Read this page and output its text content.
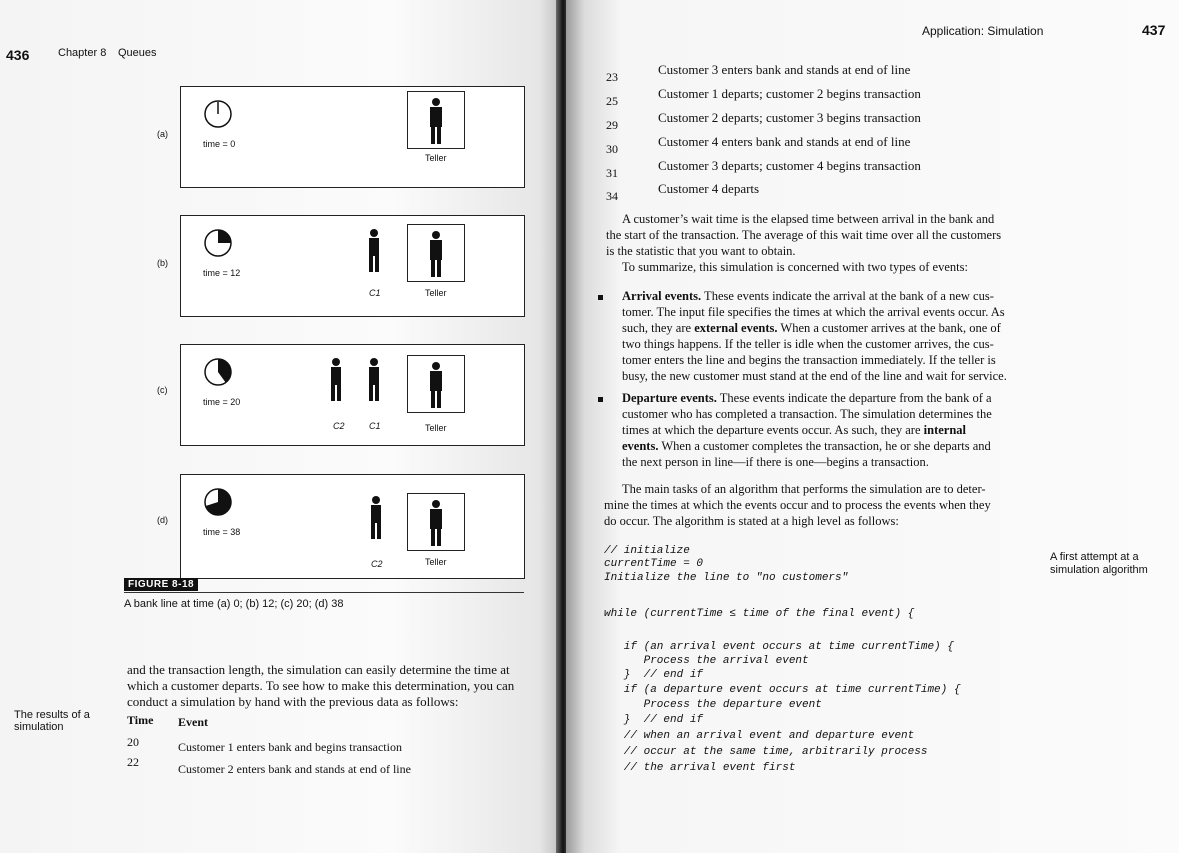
436	Chapter 8 Queues
(a)
time = 0
Teller
(b)
time = 12
C1	Teller
(c)
time = 20
C2	C1	Teller
(d)
time = 38
C2	Teller
FIGURE 8-18
A bank line at time (a) 0; (b) 12; (c) 20; (d) 38
and the transaction length, the simulation can easily determine the time at
which a customer departs. To see how to make this determination, you can
conduct a simulation by hand with the previous data as follows:
The results of a
simulation	Time Event
20	Customer 1 enters bank and begins transaction
22	Customer 2 enters bank and stands at end of line
Application: Simulation	437
23	Customer 3 enters bank and stands at end of line
25	Customer 1 departs; customer 2 begins transaction
29	Customer 2 departs; customer 3 begins transaction
30	Customer 4 enters bank and stands at end of line
31	Customer 3 departs; customer 4 begins transaction
34	Customer 4 departs
A customer’s wait time is the elapsed time between arrival in the bank and
the start of the transaction. The average of this wait time over all the customers
is the statistic that you want to obtain.
To summarize, this simulation is concerned with two types of events:
Arrival events. These events indicate the arrival at the bank of a new cus-
tomer. The input file specifies the times at which the arrival events occur. As
such, they are external events. When a customer arrives at the bank, one of
two things happens. If the teller is idle when the customer arrives, the cus-
tomer enters the line and begins the transaction immediately. If the teller is
busy, the new customer must stand at the end of the line and wait for service.
Departure events. These events indicate the departure from the bank of a
customer who has completed a transaction. The simulation determines the
times at which the departure events occur. As such, they are internal
events. When a customer completes the transaction, he or she departs and
the next person in line—if there is one—begins a transaction.
The main tasks of an algorithm that performs the simulation are to deter-
mine the times at which the events occur and to process the events when they
do occur. The algorithm is stated at a high level as follows:
A first attempt at a
simulation algorithm
// initialize
currentTime = 0
Initialize the line to "no customers"
while (currentTime ≤ time of the final event) {
if (an arrival event occurs at time currentTime) {
Process the arrival event
}  // end if
if (a departure event occurs at time currentTime) {
Process the departure event
}  // end if
// when an arrival event and departure event
// occur at the same time, arbitrarily process
// the arrival event first
